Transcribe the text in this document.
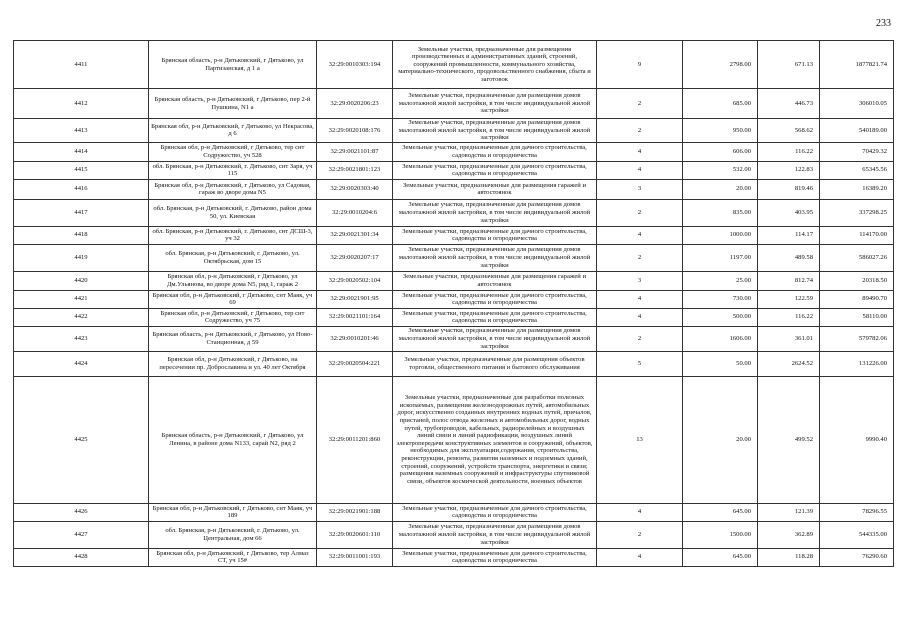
233
4411	Брянская область, р-н Дятьковский, г Дятьково, ул Партизанская, д 1 а	32:29:0010303:194	Земельные участки, предназначенные для размещения производственных и административных зданий, строений, сооружений промышленности, коммунального хозяйства, материально-технического, продовольственного снабжения, сбыта и заготовок	9	2798.00	671.13	1877821.74
4412	Брянская область, р-н Дятьковский, г Дятьково, пер 2-й Пушкина, N1 а	32:29:0020206:23	Земельные участки, предназначенные для размещения домов малоэтажной жилой застройки, в том числе индивидуальной жилой застройки	2	685.00	446.73	306010.05
4413	Брянская обл, р-н Дятьковский, г Дятьково, ул Некрасова, д 6	32:29:0020108:176	Земельные участки, предназначенные для размещения домов малоэтажной жилой застройки, в том числе индивидуальной жилой застройки	2	950.00	568.62	540189.00
4414	Брянская обл, р-н Дятьковский, г Дятьково, тер снт Содружество, уч 528	32:29:0021101:87	Земельные участки, предназначенные для дачного строительства, садоводства и огородничества	4	606.00	116.22	70429.32
4415	обл. Брянская, р-н Дятьковский, г. Дятьково, снт Заря, уч 115	32:29:0021801:123	Земельные участки, предназначенные для дачного строительства, садоводства и огородничества	4	532.00	122.83	65345.56
4416	Брянская обл, р-н Дятьковский, г Дятьково, ул Садовая, гараж во дворе дома N5	32:29:0020303:40	Земельные участки, предназначенные для размещения гаражей и автостоянок	3	20.00	819.46	16389.20
4417	обл. Брянская, р-н Дятьковский, г. Дятьково, район дома 50, ул. Киевская	32:29:0010204:6	Земельные участки, предназначенные для размещения домов малоэтажной жилой застройки, в том числе индивидуальной жилой застройки	2	835.00	403.95	337298.25
4418	обл. Брянская, р-н Дятьковский, г. Дятьково, снт ДСШ-3, уч 32	32:29:0021301:34	Земельные участки, предназначенные для дачного строительства, садоводства и огородничества	4	1000.00	114.17	114170.00
4419	обл. Брянская, р-н Дятьковский, г. Дятьково, ул. Октябрьская, дом 15	32:29:0020207:17	Земельные участки, предназначенные для размещения домов малоэтажной жилой застройки, в том числе индивидуальной жилой застройки	2	1197.00	489.58	586027.26
4420	Брянская обл, р-н Дятьковский, г Дятьково, ул Дм.Ульянова, во дворе дома N5, ряд 1, гараж 2	32:29:0020502:104	Земельные участки, предназначенные для размещения гаражей и автостоянок	3	25.00	812.74	20318.50
4421	Брянская обл, р-н Дятьковский, г Дятьково, снт Маяк, уч 69	32:29:0021901:95	Земельные участки, предназначенные для дачного строительства, садоводства и огородничества	4	730.00	122.59	89490.70
4422	Брянская обл, р-н Дятьковский, г Дятьково, тер снт Содружество, уч 75	32:29:0021101:164	Земельные участки, предназначенные для дачного строительства, садоводства и огородничества	4	500.00	116.22	58110.00
4423	Брянская область, р-н Дятьковский, г Дятьково, ул Ново-Станционная, д 59	32:29:0010201:46	Земельные участки, предназначенные для размещения домов малоэтажной жилой застройки, в том числе индивидуальной жилой застройки	2	1606.00	361.01	579782.06
4424	Брянская обл, р-н Дятьковский, г Дятьково, на пересечении пр. Доброславина и ул. 40 лет Октября	32:29:0020504:221	Земельные участки, предназначенные для размещения объектов торговли, общественного питания и бытового обслуживания	5	50.00	2624.52	131226.00
4425	Брянская область, р-н Дятьковский, г Дятьково, ул Ленина, в районе дома N133, сарай N2, ряд 2	32:29:0011201:860	Земельные участки, предназначенные для разработки полезных ископаемых, размещения железнодорожных путей, автомобильных дорог, искусственно созданных внутренних водных путей, причалов, пристаней, полос отвода железных и автомобильных дорог, водных путей, трубопроводов, кабельных, радиорелейных и воздушных линий связи и линий радиофикации, воздушных линий электропередачи конструктивных элементов и сооружений, объектов, необходимых для эксплуатации,содержания, строительства, реконструкции, ремонта, развития наземных и подземных зданий, строений, сооружений, устройств транспорта, энергетики и связи; размещения наземных сооружений и инфраструктуры спутниковой связи, объектов космической деятельности, военных объектов	13	20.00	499.52	9990.40
4426	Брянская обл, р-н Дятьковский, г Дятьково, снт Маяк, уч 189	32:29:0021901:188	Земельные участки, предназначенные для дачного строительства, садоводства и огородничества	4	645.00	121.39	78296.55
4427	обл. Брянская, р-н Дятьковский, г. Дятьково, ул. Центральная, дом 66	32:29:0020601:110	Земельные участки, предназначенные для размещения домов малоэтажной жилой застройки, в том числе индивидуальной жилой застройки	2	1500.00	362.89	544335.00
4428	Брянская обл, р-н Дятьковский, г Дятьково, тер Алмаз СТ, уч 15#	32:29:0011001:193	Земельные участки, предназначенные для дачного строительства, садоводства и огородничества	4	645.00	118.28	76290.60
